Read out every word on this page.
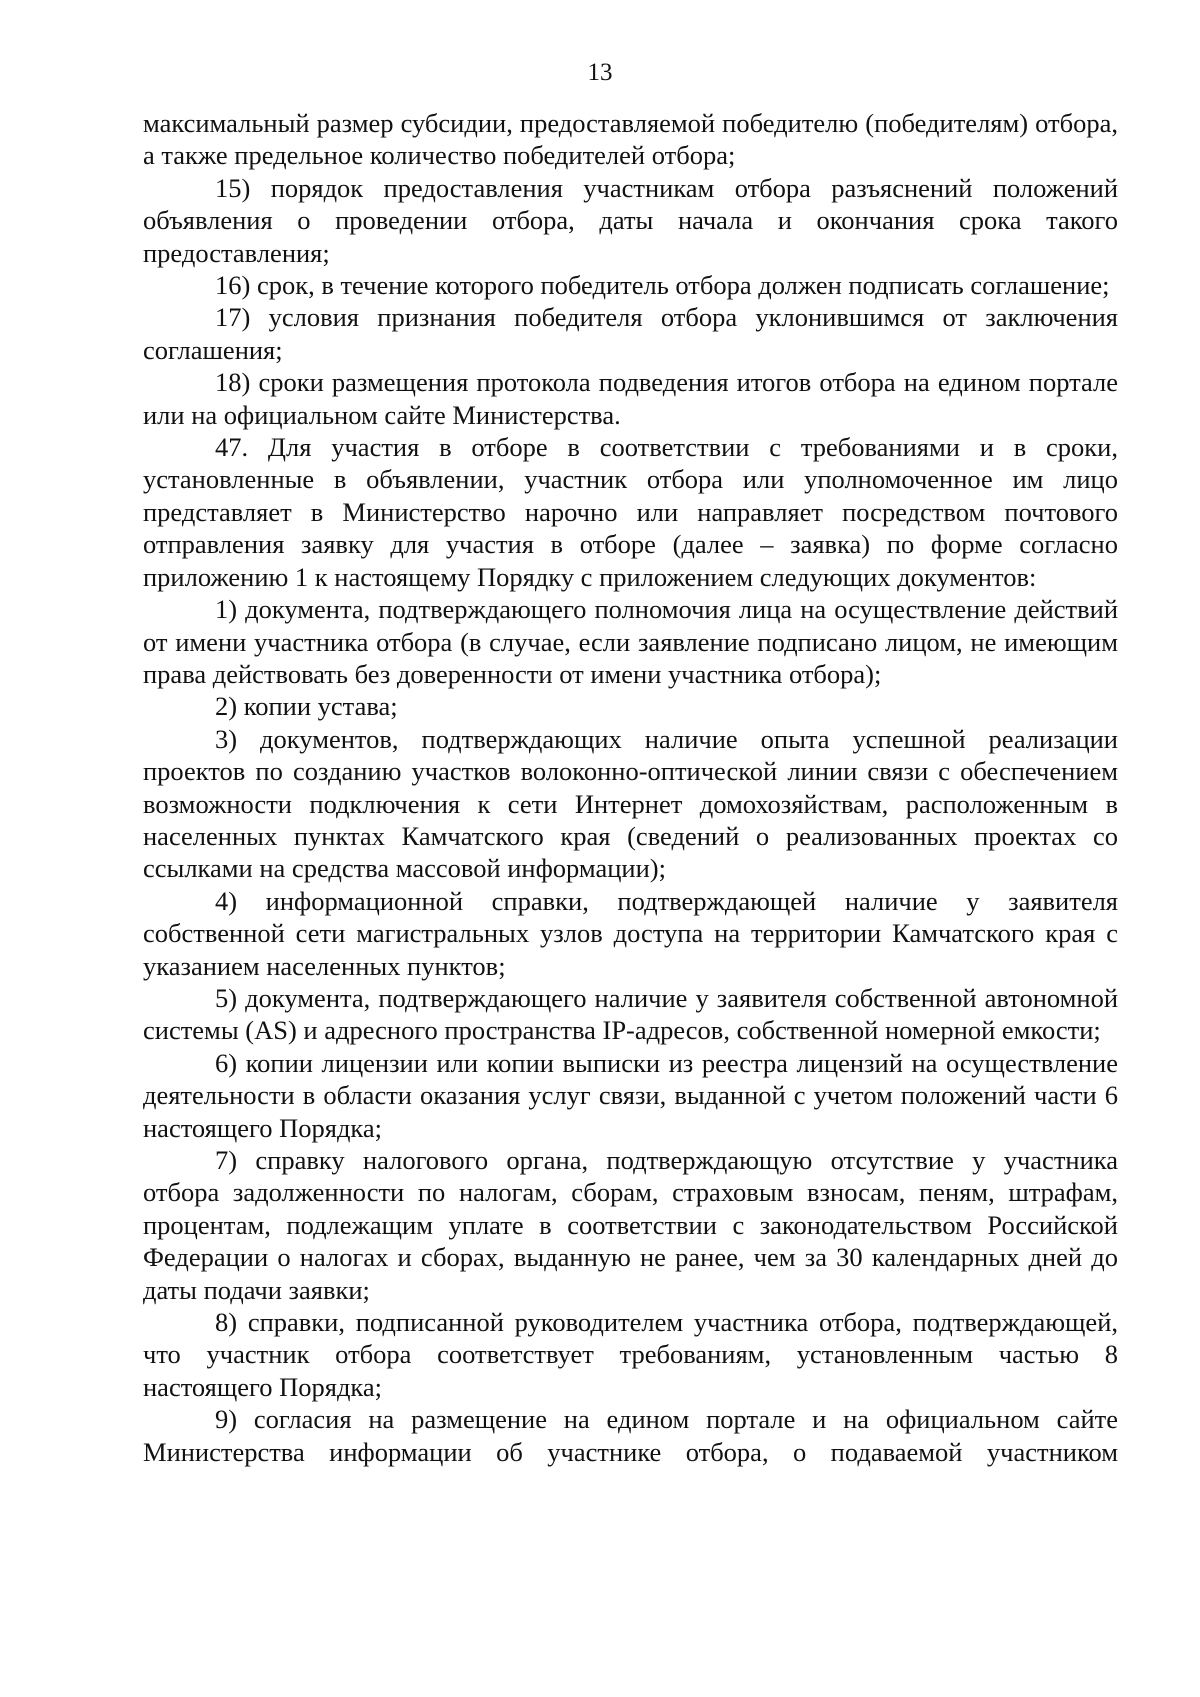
13

максимальный размер субсидии, предоставляемой победителю (победителям) отбора, а также предельное количество победителей отбора;

15) порядок предоставления участникам отбора разъяснений положений объявления о проведении отбора, даты начала и окончания срока такого предоставления;

16) срок, в течение которого победитель отбора должен подписать соглашение;

17) условия признания победителя отбора уклонившимся от заключения соглашения;

18) сроки размещения протокола подведения итогов отбора на едином портале или на официальном сайте Министерства.

47. Для участия в отборе в соответствии с требованиями и в сроки, установленные в объявлении, участник отбора или уполномоченное им лицо представляет в Министерство нарочно или направляет посредством почтового отправления заявку для участия в отборе (далее – заявка) по форме согласно приложению 1 к настоящему Порядку с приложением следующих документов:

1) документа, подтверждающего полномочия лица на осуществление действий от имени участника отбора (в случае, если заявление подписано лицом, не имеющим права действовать без доверенности от имени участника отбора);

2) копии устава;

3) документов, подтверждающих наличие опыта успешной реализации проектов по созданию участков волоконно-оптической линии связи с обеспечением возможности подключения к сети Интернет домохозяйствам, расположенным в населенных пунктах Камчатского края (сведений о реализованных проектах со ссылками на средства массовой информации);

4) информационной справки, подтверждающей наличие у заявителя собственной сети магистральных узлов доступа на территории Камчатского края с указанием населенных пунктов;

5) документа, подтверждающего наличие у заявителя собственной автономной системы (AS) и адресного пространства IP-адресов, собственной номерной емкости;

6) копии лицензии или копии выписки из реестра лицензий на осуществление деятельности в области оказания услуг связи, выданной с учетом положений части 6 настоящего Порядка;

7) справку налогового органа, подтверждающую отсутствие у участника отбора задолженности по налогам, сборам, страховым взносам, пеням, штрафам, процентам, подлежащим уплате в соответствии с законодательством Российской Федерации о налогах и сборах, выданную не ранее, чем за 30 календарных дней до даты подачи заявки;

8) справки, подписанной руководителем участника отбора, подтверждающей, что участник отбора соответствует требованиям, установленным частью 8 настоящего Порядка;

9) согласия на размещение на едином портале и на официальном сайте Министерства информации об участнике отбора, о подаваемой участником
